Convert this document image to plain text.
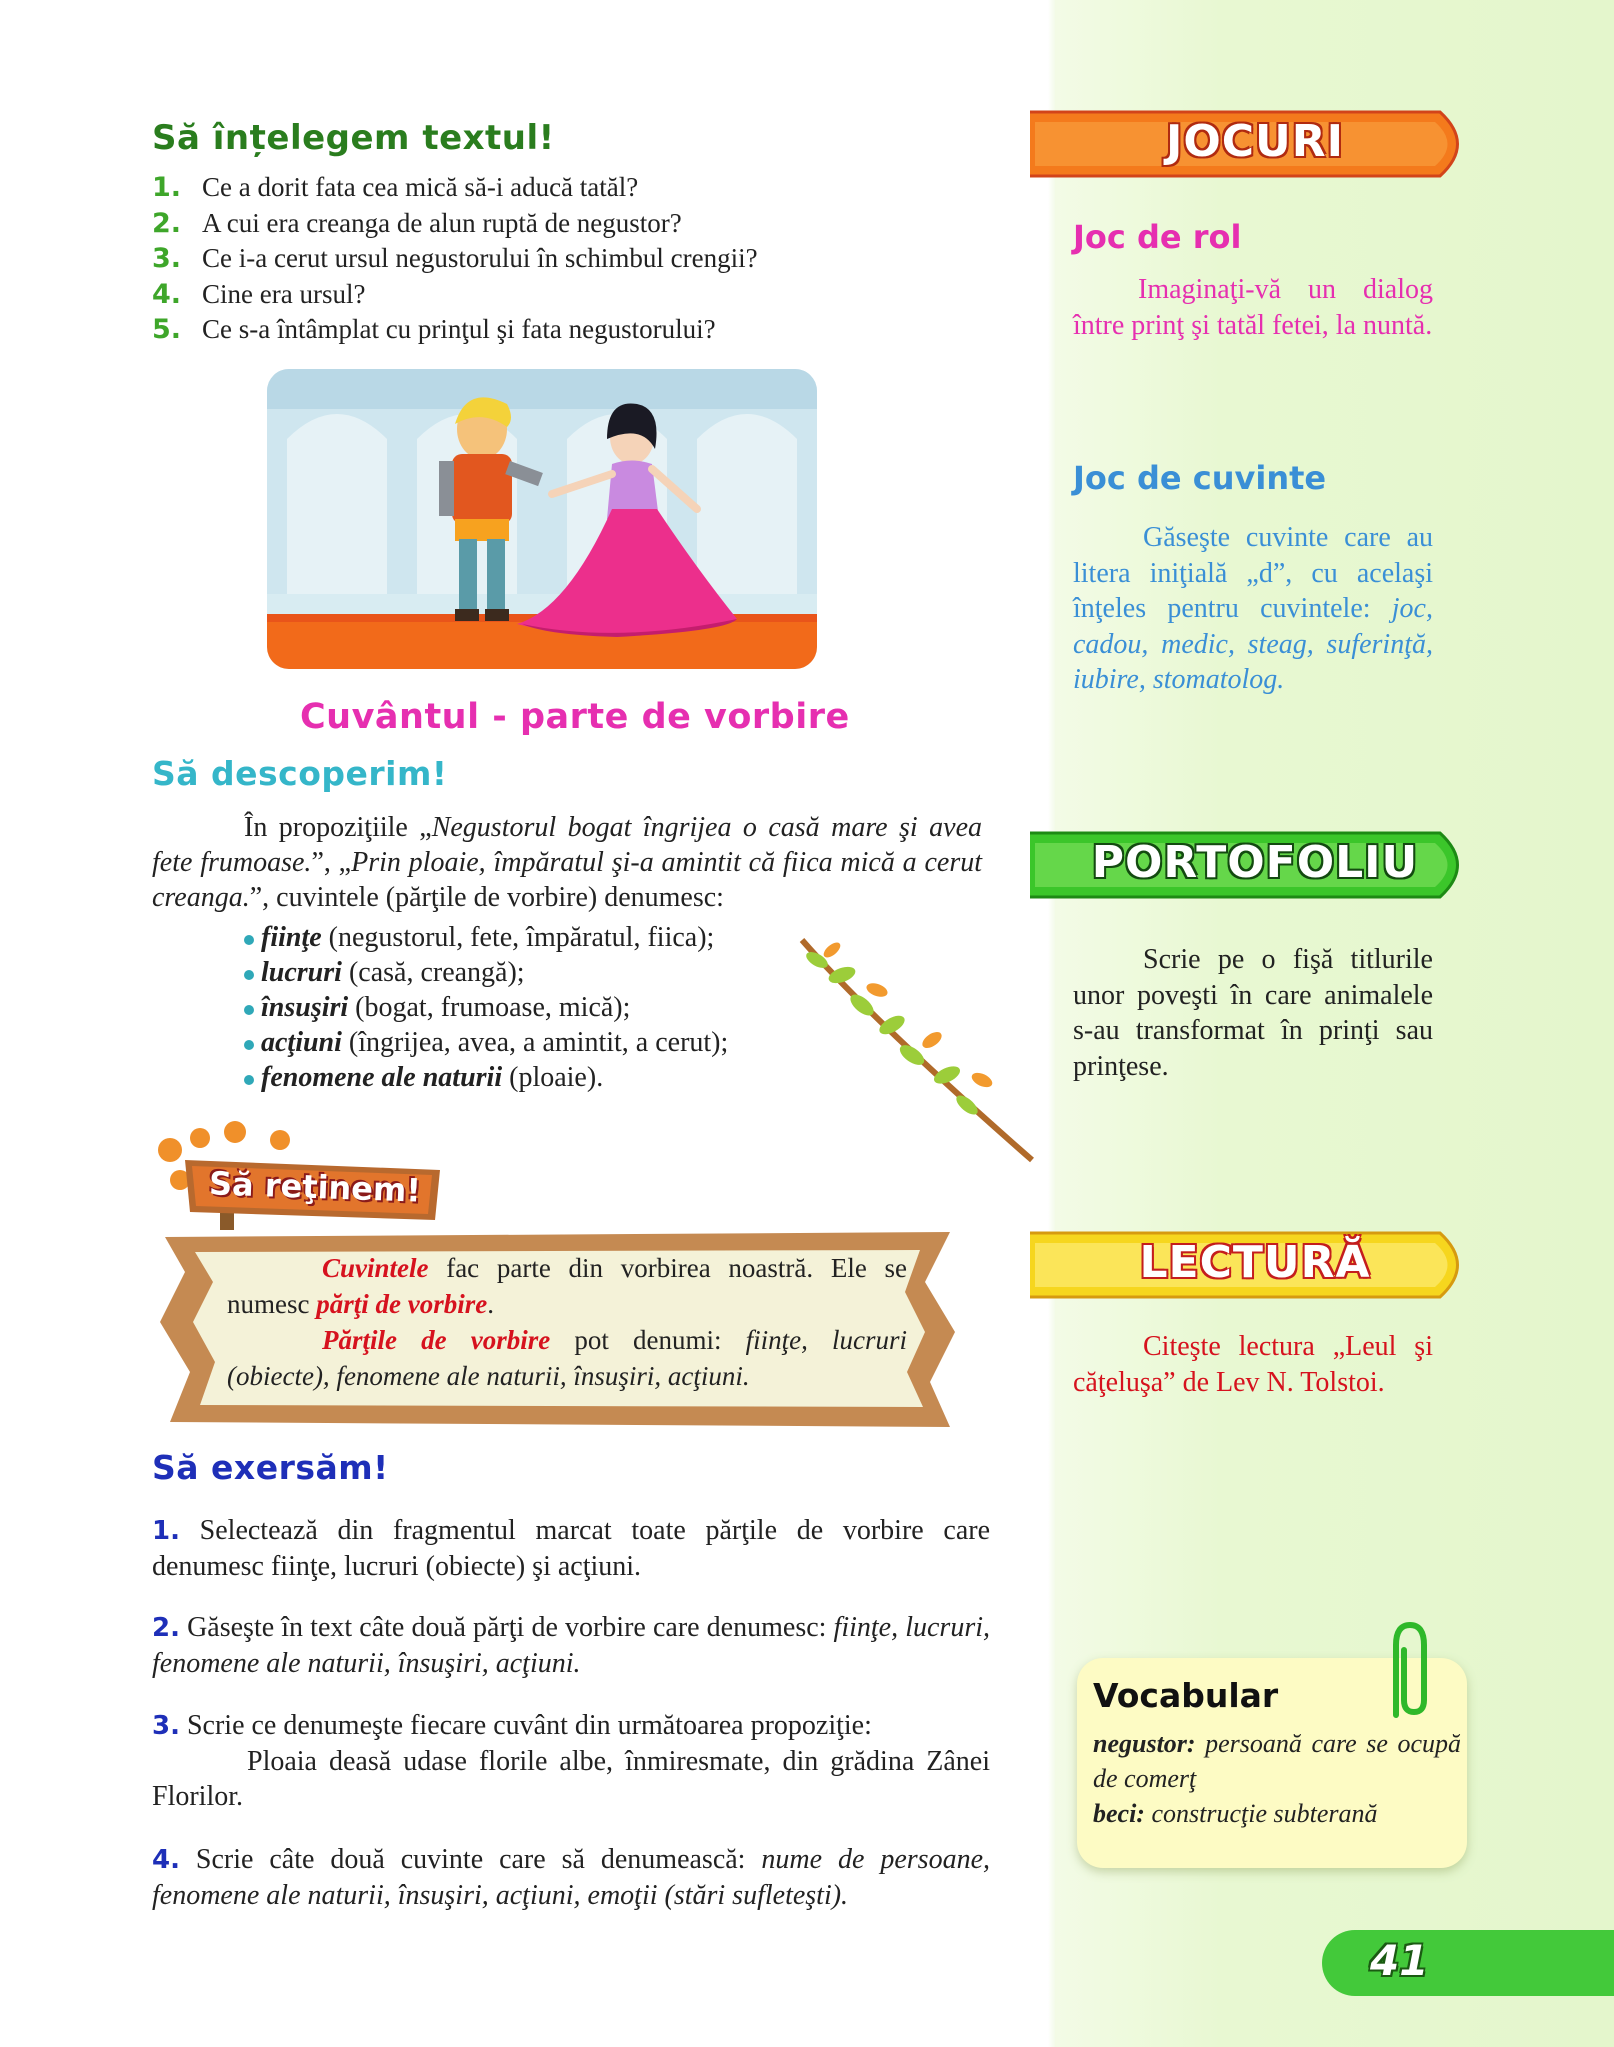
Să înțelegem textul!
1. Ce a dorit fata cea mică să-i aducă tatăl?
2. A cui era creanga de alun ruptă de negustor?
3. Ce i-a cerut ursul negustorului în schimbul crengii?
4. Cine era ursul?
5. Ce s-a întâmplat cu prinţul şi fata negustorului?
Cuvântul - parte de vorbire
Să descoperim!
În propoziţiile „Negustorul bogat îngrijea o casă mare şi avea fete frumoase.”, „Prin ploaie, împăratul şi-a amintit că fiica mică a cerut creanga.”, cuvintele (părţile de vorbire) denumesc:
fiinţe (negustorul, fete, împăratul, fiica);
lucruri (casă, creangă);
însuşiri (bogat, frumoase, mică);
acţiuni (îngrijea, avea, a amintit, a cerut);
fenomene ale naturii (ploaie).
Să reţinem!
Cuvintele fac parte din vorbirea noastră. Ele se numesc părţi de vorbire.
Părţile de vorbire pot denumi: fiinţe, lucruri (obiecte), fenomene ale naturii, însuşiri, acţiuni.
Să exersăm!
1. Selectează din fragmentul marcat toate părţile de vorbire care denumesc fiinţe, lucruri (obiecte) şi acţiuni.
2. Găseşte în text câte două părţi de vorbire care denumesc: fiinţe, lucruri, fenomene ale naturii, însuşiri, acţiuni.
3. Scrie ce denumeşte fiecare cuvânt din următoarea propoziţie:
Ploaia deasă udase florile albe, înmiresmate, din grădina Zânei Florilor.
4. Scrie câte două cuvinte care să denumească: nume de persoane, fenomene ale naturii, însuşiri, acţiuni, emoţii (stări sufleteşti).
JOCURI
Joc de rol
Imaginaţi-vă un dialog între prinţ şi tatăl fetei, la nuntă.
Joc de cuvinte
Găseşte cuvinte care au litera iniţială „d”, cu acelaşi înţeles pentru cuvintele: joc, cadou, medic, steag, suferinţă, iubire, stomatolog.
PORTOFOLIU
Scrie pe o fişă titlurile unor poveşti în care animalele s-au transformat în prinţi sau prinţese.
LECTURĂ
Citeşte lectura „Leul şi căţeluşa” de Lev N. Tolstoi.
Vocabular
negustor: persoană care se ocupă de comerţ
beci: construcţie subterană
41
